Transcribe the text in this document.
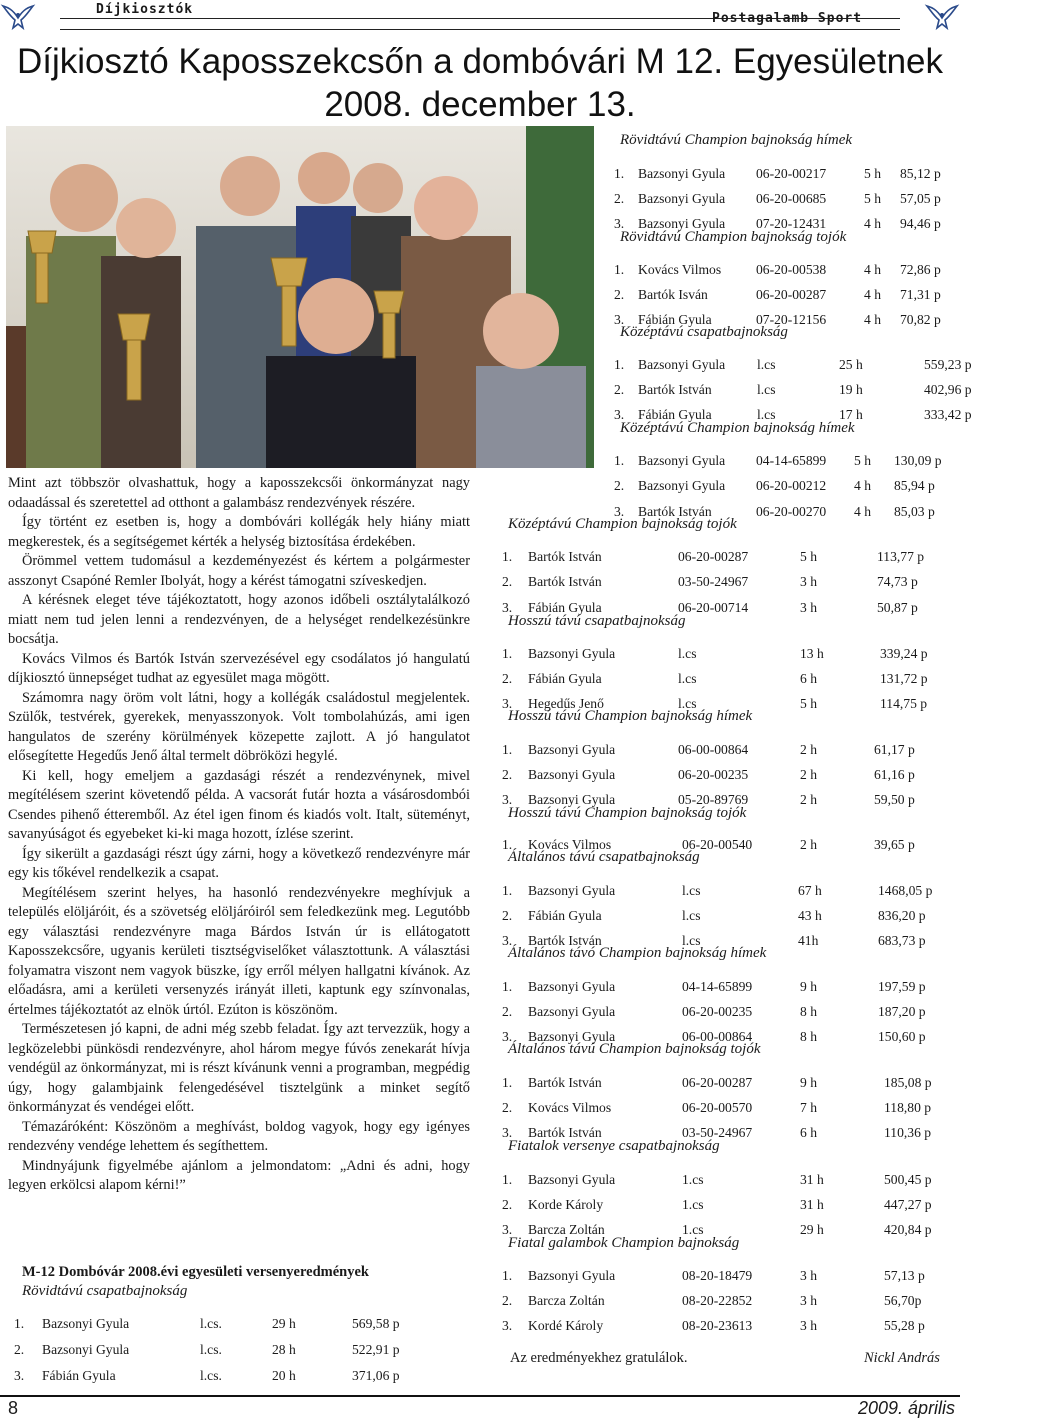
Díjkiosztók
Postagalamb Sport
Díjkiosztó Kaposszekcsőn a dombóvári M 12. Egyesületnek
2008. december 13.

Mint azt többször olvashattuk, hogy a kaposszekcsői önkormányzat nagy odaadással és szeretettel ad otthont a galambász rendezvények részére.

Így történt ez esetben is, hogy a dombóvári kollégák hely hiány miatt megkerestek, és a segítségemet kérték a helység biztosítása érdekében.

Örömmel vettem tudomásul a kezdeményezést és kértem a polgármester asszonyt Csapóné Remler Ibolyát, hogy a kérést támogatni szíveskedjen.

A kérésnek eleget téve tájékoztatott, hogy azonos időbeli osztálytalálkozó miatt nem tud jelen lenni a rendezvényen, de a helységet rendelkezésünkre bocsátja.

Kovács Vilmos és Bartók István szervezésével egy csodálatos jó hangulatú díjkiosztó ünnepséget tudhat az egyesület maga mögött.

Számomra nagy öröm volt látni, hogy a kollégák családostul megjelentek. Szülők, testvérek, gyerekek, menyasszonyok. Volt tombolahúzás, ami igen hangulatos de szerény körülmények közepette zajlott. A jó hangulatot elősegítette Hegedűs Jenő által termelt döbröközi hegylé.

Ki kell, hogy emeljem a gazdasági részét a rendezvénynek, mivel megítélésem szerint követendő példa. A vacsorát futár hozta a vásárosdombói Csendes pihenő étteremből. Az étel igen finom és kiadós volt. Italt, süteményt, savanyúságot és egyebeket ki-ki maga hozott, ízlése szerint.

Így sikerült a gazdasági részt úgy zárni, hogy a következő rendezvényre már egy kis tőkével rendelkezik a csapat.

Megítélésem szerint helyes, ha hasonló rendezvényekre meghívjuk a település elöljáróit, és a szövetség elöljáróiról sem feledkezünk meg. Legutóbb egy választási rendezvényre maga Bárdos István úr is ellátogatott Kaposszekcsőre, ugyanis kerületi tisztségviselőket választottunk. A választási folyamatra viszont nem vagyok büszke, így erről mélyen hallgatni kívánok. Az előadásra, ami a kerületi versenyzés irányát illeti, kaptunk egy színvonalas, értelmes tájékoztatót az elnök úrtól. Ezúton is köszönöm.

Természetesen jó kapni, de adni még szebb feladat. Így azt tervezzük, hogy a legközelebbi pünkösdi rendezvényre, ahol három megye fúvós zenekarát hívja vendégül az önkormányzat, mi is részt kívánunk venni a programban, megpédig úgy, hogy galambjaink felengedésével tisztelgünk a minket segítő önkormányzat és vendégei előtt.

Témazáróként: Köszönöm a meghívást, boldog vagyok, hogy egy igényes rendezvény vendége lehettem és segíthettem.

Mindnyájunk figyelmébe ajánlom a jelmondatom: „Adni és adni, hogy legyen erkölcsi alapom kérni!”

M-12 Dombóvár 2008.évi egyesületi versenyeredmények
Rövidtávú csapatbajnokság
1. Bazsonyi Gyula	l.cs.	29 h	569,58 p
2. Bazsonyi Gyula	l.cs.	28 h	522,91 p
3. Fábián Gyula	l.cs.	20 h	371,06 p
Rövidtávú Champion bajnokság hímek
1. Bazsonyi Gyula 06-20-00217	5 h 85,12 p
2. Bazsonyi Gyula 06-20-00685	5 h 57,05 p
3. Bazsonyi Gyula 07-20-12431	4 h 94,46 p
Rövidtávú Champion bajnokság tojók
1. Kovács Vilmos	06-20-00538	4 h 72,86 p
2. Bartók Isván	06-20-00287	4 h 71,31 p
3. Fábián Gyula	07-20-12156	4 h 70,82 p
Középtávú csapatbajnokság
1. Bazsonyi Gyula l.cs	25 h	559,23 p
2. Bartók István	l.cs	19 h	402,96 p
3. Fábián Gyula	l.cs	17 h	333,42 p
Középtávú Champion bajnokság hímek
1. Bazsonyi Gyula 04-14-65899 5 h 130,09 p
2. Bazsonyi Gyula 06-20-00212 4 h 85,94 p
3. Bartók István	06-20-00270 4 h 85,03 p
Középtávú Champion bajnokság tojók
1. Bartók István	06-20-00287	5 h	113,77 p
2. Bartók István	03-50-24967	3 h	74,73 p
3. Fábián Gyula	06-20-00714	3 h	50,87 p
Hosszú távú csapatbajnokság
1. Bazsonyi Gyula	l.cs	13 h	339,24 p
2. Fábián Gyula	l.cs	6 h	131,72 p
3. Hegedűs Jenő	l.cs	5 h	114,75 p
Hosszú távú Champion bajnokság hímek
1. Bazsonyi Gyula	06-00-00864	2 h	61,17 p
2. Bazsonyi Gyula	06-20-00235	2 h	61,16 p
3. Bazsonyi Gyula	05-20-89769	2 h	59,50 p
Hosszú távú Champion bajnokság tojók
1. Kovács Vilmos	06-20-00540	2 h	39,65 p
Általános távú csapatbajnokság
1. Bazsonyi Gyula	l.cs	67 h	1468,05 p
2. Fábián Gyula	l.cs	43 h	836,20 p
3. Bartók István	l.cs	41h	683,73 p
Általános távó Champion bajnokság hímek
1. Bazsonyi Gyula	04-14-65899	9 h	197,59 p
2. Bazsonyi Gyula	06-20-00235	8 h	187,20 p
3. Bazsonyi Gyula	06-00-00864	8 h	150,60 p
Általános távú Champion bajnokság tojók
1. Bartók István	06-20-00287	9 h	185,08 p
2. Kovács Vilmos	06-20-00570	7 h	118,80 p
3. Bartók István	03-50-24967	6 h	110,36 p
Fiatalok versenye csapatbajnokság
1. Bazsonyi Gyula	1.cs	31 h	500,45 p
2. Korde Károly	1.cs	31 h	447,27 p
3. Barcza Zoltán	1.cs	29 h	420,84 p
Fiatal galambok Champion bajnokság
1. Bazsonyi Gyula	08-20-18479	3 h	57,13 p
2. Barcza Zoltán	08-20-22852	3 h	56,70p
3. Kordé Károly	08-20-23613	3 h	55,28 p
Az eredményekhez gratulálok.	Nickl András
8	2009. április
